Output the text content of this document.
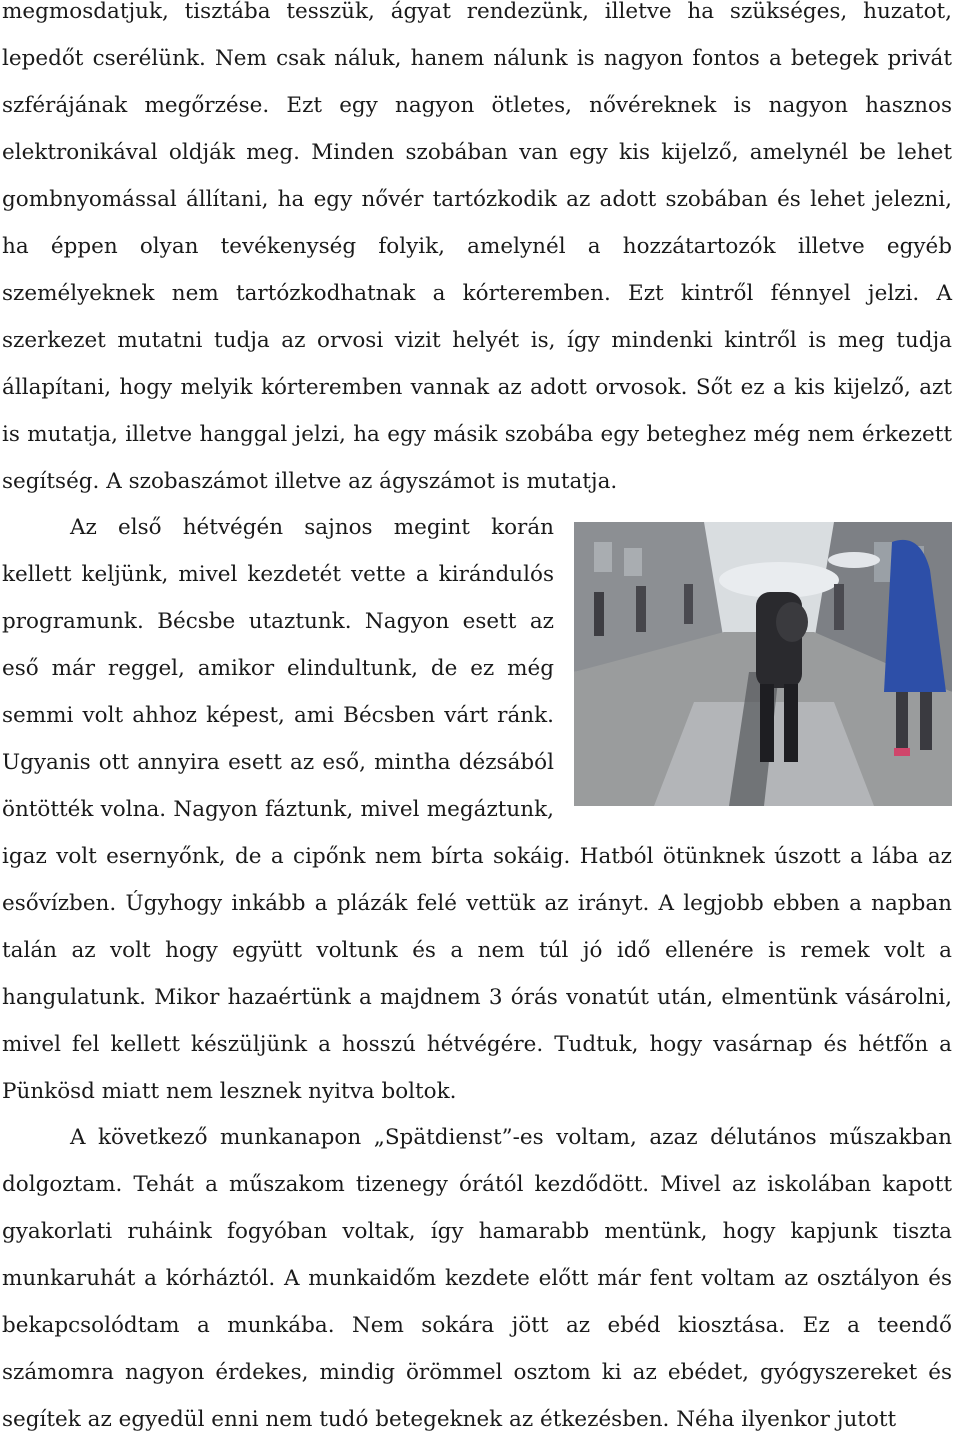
megmosdatjuk, tisztába tesszük, ágyat rendezünk, illetve ha szükséges, huzatot, lepedőt cserélünk. Nem csak náluk, hanem nálunk is nagyon fontos a betegek privát szférájának megőrzése. Ezt egy nagyon ötletes, nővéreknek is nagyon hasznos elektronikával oldják meg. Minden szobában van egy kis kijelző, amelynél be lehet gombnyomással állítani, ha egy nővér tartózkodik az adott szobában és lehet jelezni, ha éppen olyan tevékenység folyik, amelynél a hozzátartozók illetve egyéb személyeknek nem tartózkodhatnak a kórteremben. Ezt kintről fénnyel jelzi. A szerkezet mutatni tudja az orvosi vizit helyét is, így mindenki kintről is meg tudja állapítani, hogy melyik kórteremben vannak az adott orvosok. Sőt ez a kis kijelző, azt is mutatja, illetve hanggal jelzi, ha egy másik szobába egy beteghez még nem érkezett segítség. A szobaszámot illetve az ágyszámot is mutatja.

Az első hétvégén sajnos megint korán kellett keljünk, mivel kezdetét vette a kirándulós programunk. Bécsbe utaztunk. Nagyon esett az eső már reggel, amikor elindultunk, de ez még semmi volt ahhoz képest, ami Bécsben várt ránk. Ugyanis ott annyira esett az eső, mintha dézsából öntötték volna. Nagyon fáztunk, mivel megáztunk, igaz volt esernyőnk, de a cipőnk nem bírta sokáig. Hatból ötünknek úszott a lába az esővízben. Úgyhogy inkább a plázák felé vettük az irányt. A legjobb ebben a napban talán az volt hogy együtt voltunk és a nem túl jó idő ellenére is remek volt a hangulatunk. Mikor hazaértünk a majdnem 3 órás vonatút után, elmentünk vásárolni, mivel fel kellett készüljünk a hosszú hétvégére. Tudtuk, hogy vasárnap és hétfőn a Pünkösd miatt nem lesznek nyitva boltok.

A következő munkanapon „Spätdienst”-es voltam, azaz délutános műszakban dolgoztam. Tehát a műszakom tizenegy órától kezdődött. Mivel az iskolában kapott gyakorlati ruháink fogyóban voltak, így hamarabb mentünk, hogy kapjunk tiszta munkaruhát a kórháztól. A munkaidőm kezdete előtt már fent voltam az osztályon és bekapcsolódtam a munkába. Nem sokára jött az ebéd kiosztása. Ez a teendő számomra nagyon érdekes, mindig örömmel osztom ki az ebédet, gyógyszereket és segítek az egyedül enni nem tudó betegeknek az étkezésben. Néha ilyenkor jutott
